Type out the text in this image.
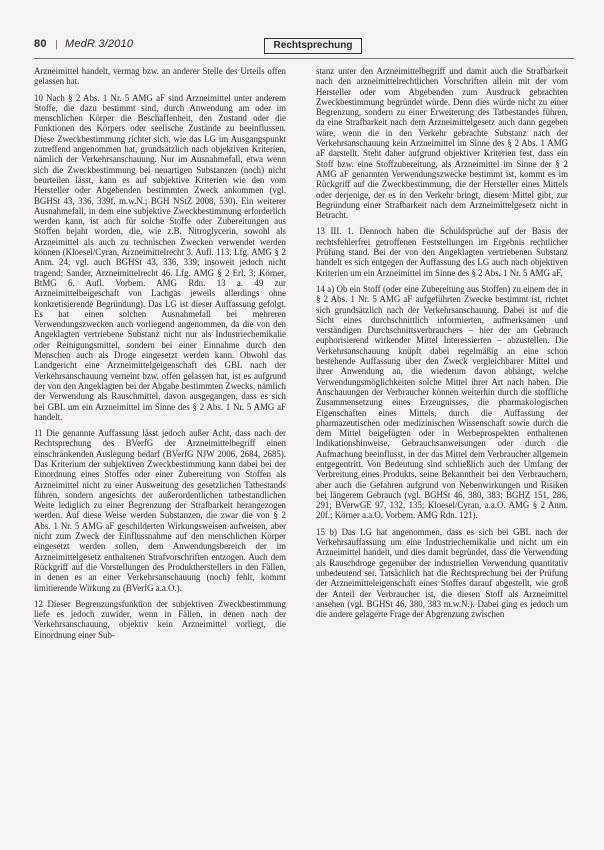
80 | MedR 3/2010	Rechtsprechung

Arzneimittel handelt, vermag bzw. an anderer Stelle des Urteils offen gelassen hat.

10 Nach § 2 Abs. 1 Nr. 5 AMG aF sind Arzneimittel unter anderem Stoffe, die dazu bestimmt sind, durch Anwendung am oder im menschlichen Körper die Beschaffenheit, den Zustand oder die Funktionen des Körpers oder seelische Zustände zu beeinflussen. Diese Zweckbestimmung richtet sich, wie das LG im Ausgangspunkt zutreffend angenommen hat, grundsätzlich nach objektiven Kriterien, nämlich der Verkehrsanschauung. Nur im Ausnahmefall, etwa wenn sich die Zweckbestimmung bei neuartigen Substanzen (noch) nicht beurteilen lässt, kann es auf subjektive Kriterien wie den vom Hersteller oder Abgebenden bestimmten Zweck ankommen (vgl. BGHSt 43, 336, 339f. m.w.N.; BGH NStZ 2008, 530). Ein weiterer Ausnahmefall, in dem eine subjektive Zweckbestimmung erforderlich werden kann, ist auch für solche Stoffe oder Zubereitungen aus Stoffen bejaht worden, die, wie z.B. Nitroglycerin, sowohl als Arzneimittel als auch zu technischen Zwecken verwendet werden können (Kloesel/Cyran, Arzneimittelrecht 3. Aufl. 113. Lfg. AMG § 2 Anm. 24; vgl. auch BGHSt 43, 336, 339; insoweit jedoch nicht tragend; Sander, Arzneimittelrecht 46. Lfg. AMG § 2 Erl. 3; Körner, BtMG 6. Aufl. Vorbem. AMG Rdn. 13 a. 49 zur Arzneimittelbeigeschaft von Lachgas jeweils allerdings ohne konkretisierende Begründung). Das LG ist dieser Auffassung gefolgt. Es hat einen solchen Ausnahmefall bei mehreren Verwendungszwecken auch vorliegend angenommen, da die von den Angeklagten vertriebene Substanz nicht nur als Industriechemikalie oder Reinigungsmittel, sondern bei einer Einnahme durch den Menschen auch als Droge eingesetzt werden kann. Obwohl das Landgericht eine Arzneimittelgeigenschaft des GBL nach der Verkehrsanschauung verneint bzw. offen gelassen hat, ist es aufgrund der von den Angeklagten bei der Abgabe bestimmten Zwecks, nämlich der Verwendung als Rauschmittel, davon ausgegangen, dass es sich bei GBL um ein Arzneimittel im Sinne des § 2 Abs. 1 Nr. 5 AMG aF handelt.

11 Die genannte Auffassung lässt jedoch außer Acht, dass nach der Rechtsprechung des BVerfG der Arzneimittelbegriff einen einschränkenden Auslegung bedarf (BVerfG NJW 2006, 2684, 2685). Das Kriterium der subjektiven Zweckbestimmung kann dabei bei der Einordnung eines Stoffes oder einer Zubereitung von Stoffen als Arzneimittel nicht zu einer Ausweitung des gesetzlichen Tatbestands führen, sondern angesichts der außerordentlichen tatbestandlichen Weite lediglich zu einer Begrenzung der Strafbarkeit herangezogen werden. Auf diese Weise werden Substanzen, die zwar die von § 2 Abs. 1 Nr. 5 AMG aF geschilderten Wirkungsweisen aufweisen, aber nicht zum Zweck der Einflussnahme auf den menschlichen Körper eingesetzt werden sollen, dem Anwendungsbereich der im Arzneimittelgesetz enthaltenen Strafvorschriften entzogen. Auch dem Rückgriff auf die Vorstellungen des Produktherstellers in den Fällen, in denen es an einer Verkehrsanschauung (noch) fehlt, kommt limitierende Wirkung zu (BVerfG a.a.O.).

12 Dieser Begrenzungsfunktion der subjektiven Zweckbestimmung liefe es jedoch zuwider, wenn in Fällen, in denen nach der Verkehrsanschauung, objektiv kein Arzneimittel vorliegt, die Einordnung einer Sub-

stanz unter den Arzneimittelbegriff und damit auch die Strafbarkeit nach den arzneimittelrechtlichen Vorschriften allein mit der vom Hersteller oder vom Abgebenden zum Ausdruck gebrachten Zweckbestimmung begründet würde. Denn dies würde nicht zu einer Begrenzung, sondern zu einer Erweiterung des Tatbestandes führen, da eine Strafbarkeit nach dem Arzneimittelgesetz auch dann gegeben wäre, wenn die in den Verkehr gebrachte Substanz nach der Verkehrsanschauung kein Arzneimittel im Sinne des § 2 Abs. 1 AMG aF darstellt. Steht daher aufgrund objektiver Kriterien fest, dass ein Stoff bzw. eine Stoffzubereitung, als Arzneimittel im Sinne der § 2 AMG aF genannten Verwendungszwecke bestimmt ist, kommt es im Rückgriff auf die Zweckbestimmung, die der Hersteller eines Mittels oder derjenige, der es in den Verkehr bringt, diesem Mittel gibt, zur Begründung einer Strafbarkeit nach dem Arzneimittelgesetz nicht in Betracht.

13 III. 1. Dennoch haben die Schuldsprüche auf der Basis der rechtsfehlerfrei getroffenen Feststellungen im Ergebnis rechtlicher Prüfung stand. Bei der von den Angeklagten vertriebenen Substanz handelt es sich entgegen der Auffassung des LG auch nach objektiven Kriterien um ein Arzneimittel im Sinne des § 2 Abs. 1 Nr. 5 AMG aF.

14 a) Ob ein Stoff (oder eine Zubereitung aus Stoffen) zu einem der in § 2 Abs. 1 Nr. 5 AMG aF aufgeführten Zwecke bestimmt ist, richtet sich grundsätzlich nach der Verkehrsanschauung. Dabei ist auf die Sicht eines durchschnittlich informierten, aufmerksamen und verständigen Durchschnittsverbrauchers – hier der am Gebrauch euphorisierend wirkender Mittel Interessierten – abzustellen. Die Verkehrsanschauung knüpft dabei regelmäßig an eine schon bestehende Auffassung über den Zweck vergleichbarer Mittel und ihrer Anwendung an, die wiederum davon abhängt, welche Verwendungsmöglichkeiten solche Mittel ihrer Art nach haben. Die Anschauungen der Verbraucher können weiterhin durch die stoffliche Zusammensetzung eines Erzeugnisses, die pharmakologischen Eigenschaften eines Mittels, durch die Auffassung der pharmazeutischen oder medizinischen Wissenschaft sowie durch die dem Mittel beigefügten oder in Werbeprospekten enthaltenen Indikationshinweise, Gebrauchsanweisungen oder durch die Aufmachung beeinflusst, in der das Mittel dem Verbraucher allgemein entgegentritt. Von Bedeutung sind schließlich auch der Umfang der Verbreitung eines Produkts, seine Bekanntheit bei den Verbrauchern, aber auch die Gefahren aufgrund von Nebenwirkungen und Risiken bei längerem Gebrauch (vgl. BGHSt 46, 380, 383; BGHZ 151, 286, 291; BVerwGE 97, 132, 135; Kloesel/Cyran, a.a.O. AMG § 2 Anm. 20f.; Körner a.a.O. Vorbem. AMG Rdn. 121).

15 b) Das LG hat angenommen, dass es sich bei GBL nach der Verkehrsauffassung um eine Industriechemikalie und nicht um ein Arzneimittel handelt, und dies damit begründet, dass die Verwendung als Rauschdroge gegenüber der industriellen Verwendung quantitativ unbedeutend sei. Tatsächlich hat die Rechtsprechung bei der Prüfung der Arzneimitteleigenschaft eines Stoffes darauf abgestellt, wie groß der Anteil der Verbraucher ist, die diesen Stoff als Arzneimittel ansehen (vgl. BGHSt 46, 380, 383 m.w.N.). Dabei ging es jedoch um die andere gelagerte Frage der Abgrenzung zwischen
